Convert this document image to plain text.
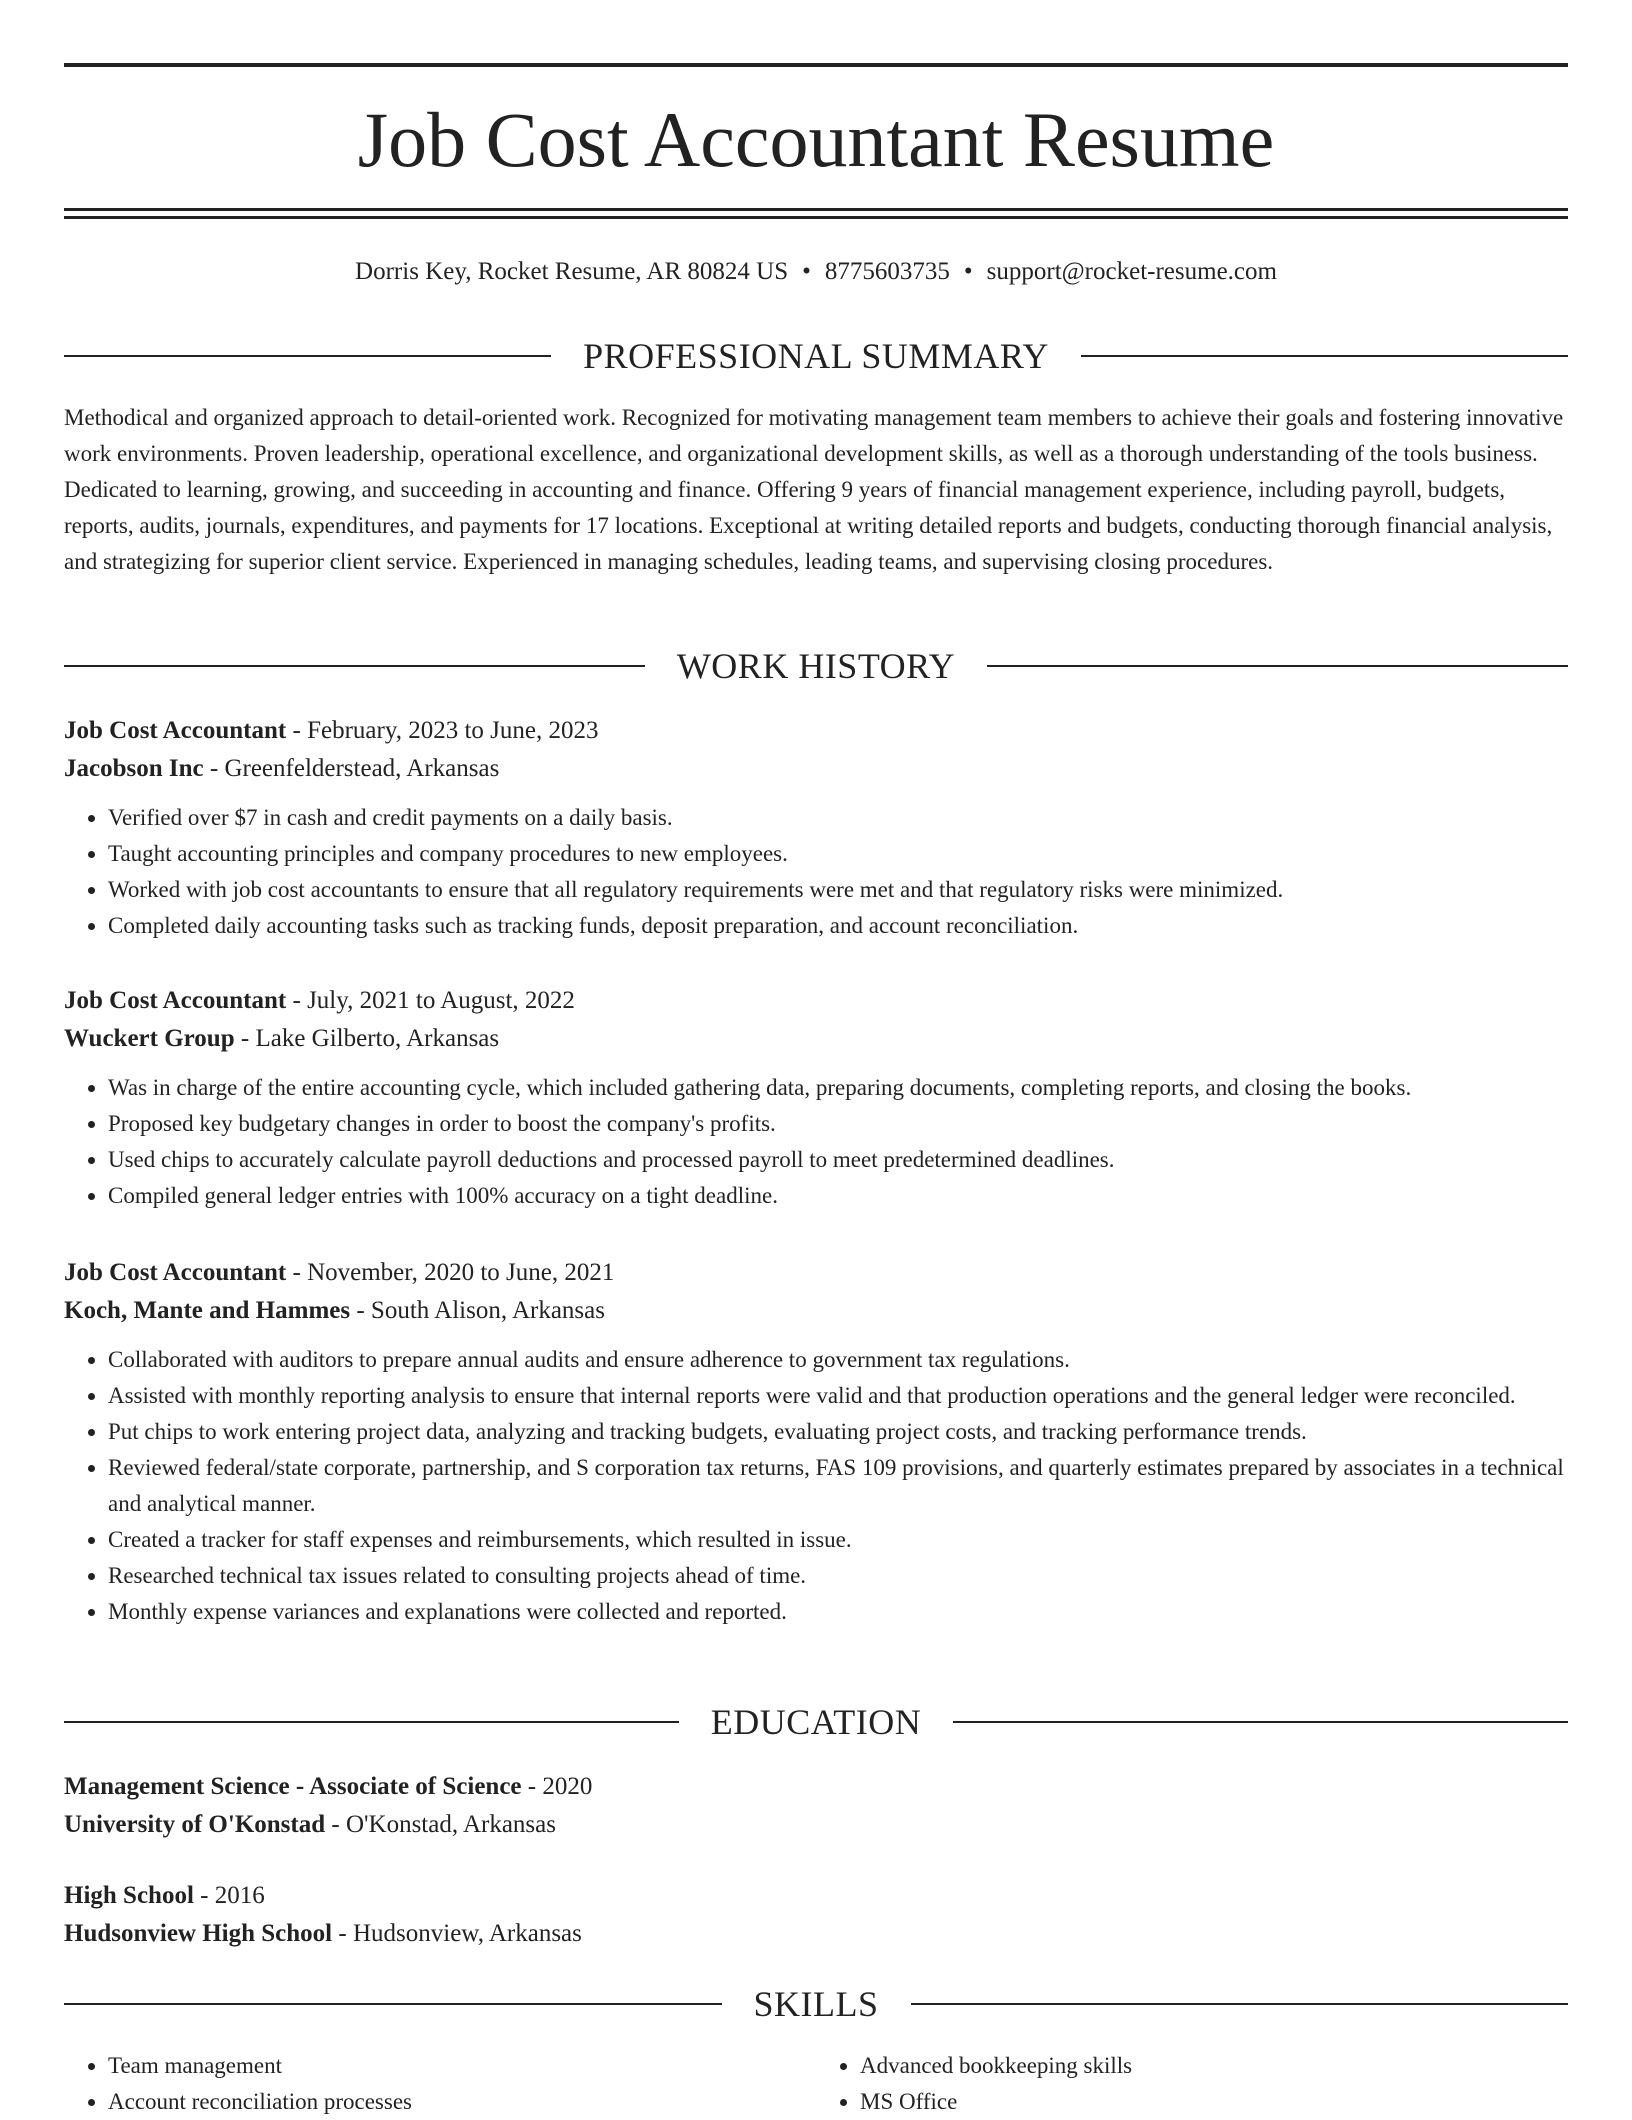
Job Cost Accountant Resume
Dorris Key, Rocket Resume, AR 80824 US • 8775603735 • support@rocket-resume.com
PROFESSIONAL SUMMARY
Methodical and organized approach to detail-oriented work. Recognized for motivating management team members to achieve their goals and fostering innovative work environments. Proven leadership, operational excellence, and organizational development skills, as well as a thorough understanding of the tools business. Dedicated to learning, growing, and succeeding in accounting and finance. Offering 9 years of financial management experience, including payroll, budgets, reports, audits, journals, expenditures, and payments for 17 locations. Exceptional at writing detailed reports and budgets, conducting thorough financial analysis, and strategizing for superior client service. Experienced in managing schedules, leading teams, and supervising closing procedures.
WORK HISTORY
Job Cost Accountant - February, 2023 to June, 2023
Jacobson Inc - Greenfelderstead, Arkansas
• Verified over $7 in cash and credit payments on a daily basis.
• Taught accounting principles and company procedures to new employees.
• Worked with job cost accountants to ensure that all regulatory requirements were met and that regulatory risks were minimized.
• Completed daily accounting tasks such as tracking funds, deposit preparation, and account reconciliation.
Job Cost Accountant - July, 2021 to August, 2022
Wuckert Group - Lake Gilberto, Arkansas
• Was in charge of the entire accounting cycle, which included gathering data, preparing documents, completing reports, and closing the books.
• Proposed key budgetary changes in order to boost the company's profits.
• Used chips to accurately calculate payroll deductions and processed payroll to meet predetermined deadlines.
• Compiled general ledger entries with 100% accuracy on a tight deadline.
Job Cost Accountant - November, 2020 to June, 2021
Koch, Mante and Hammes - South Alison, Arkansas
• Collaborated with auditors to prepare annual audits and ensure adherence to government tax regulations.
• Assisted with monthly reporting analysis to ensure that internal reports were valid and that production operations and the general ledger were reconciled.
• Put chips to work entering project data, analyzing and tracking budgets, evaluating project costs, and tracking performance trends.
• Reviewed federal/state corporate, partnership, and S corporation tax returns, FAS 109 provisions, and quarterly estimates prepared by associates in a technical and analytical manner.
• Created a tracker for staff expenses and reimbursements, which resulted in issue.
• Researched technical tax issues related to consulting projects ahead of time.
• Monthly expense variances and explanations were collected and reported.
EDUCATION
Management Science - Associate of Science - 2020
University of O'Konstad - O'Konstad, Arkansas
High School - 2016
Hudsonview High School - Hudsonview, Arkansas
SKILLS
• Team management
• Account reconciliation processes
• Advanced bookkeeping skills
• MS Office
